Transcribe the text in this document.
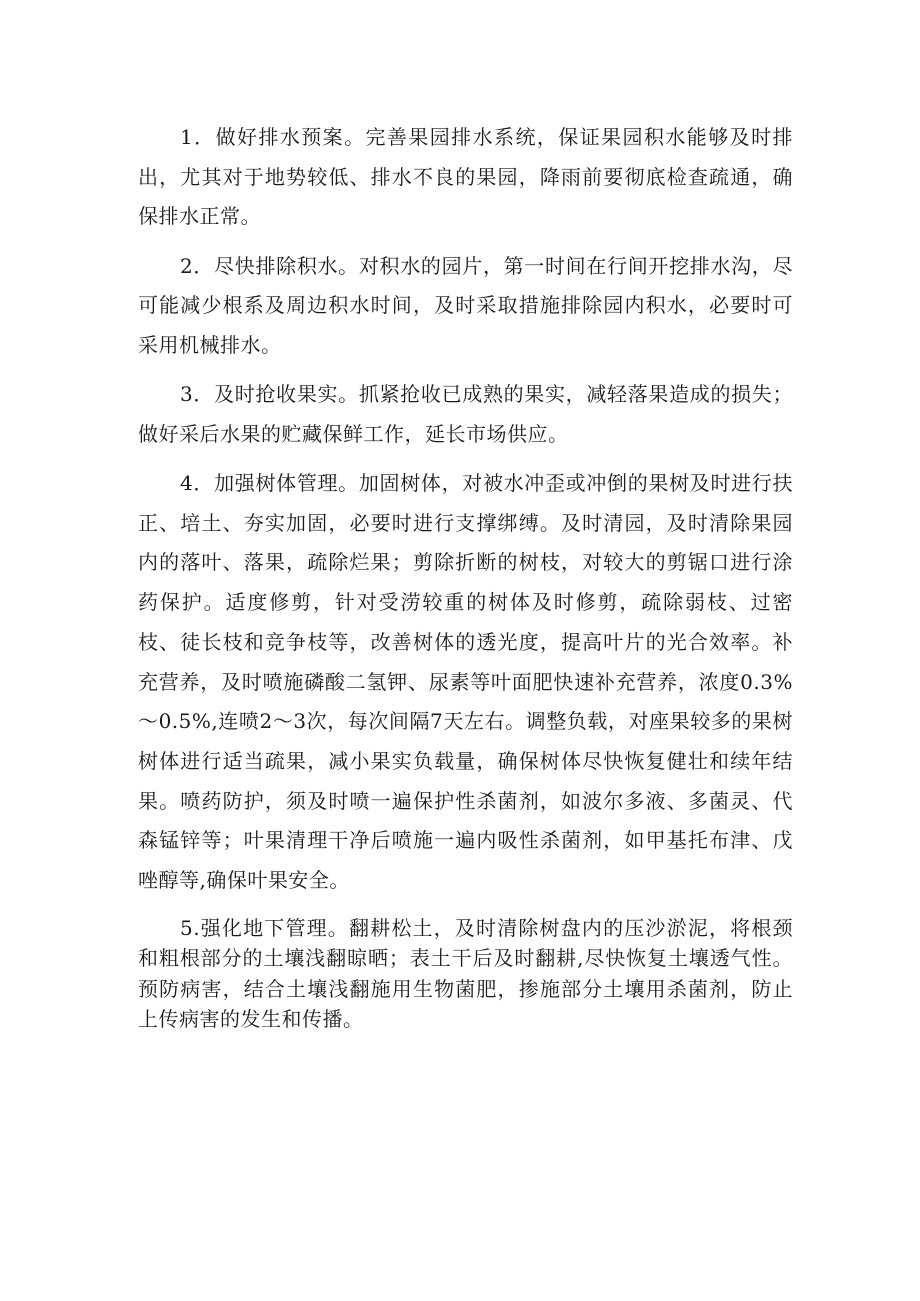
1．做好排水预案。完善果园排水系统，保证果园积水能够及时排出，尤其对于地势较低、排水不良的果园，降雨前要彻底检查疏通，确保排水正常。

2．尽快排除积水。对积水的园片，第一时间在行间开挖排水沟，尽可能减少根系及周边积水时间，及时采取措施排除园内积水，必要时可采用机械排水。

3．及时抢收果实。抓紧抢收已成熟的果实，减轻落果造成的损失；做好采后水果的贮藏保鲜工作，延长市场供应。

4．加强树体管理。加固树体，对被水冲歪或冲倒的果树及时进行扶正、培土、夯实加固，必要时进行支撑绑缚。及时清园，及时清除果园内的落叶、落果，疏除烂果；剪除折断的树枝，对较大的剪锯口进行涂药保护。适度修剪，针对受涝较重的树体及时修剪，疏除弱枝、过密枝、徒长枝和竞争枝等，改善树体的透光度，提高叶片的光合效率。补充营养，及时喷施磷酸二氢钾、尿素等叶面肥快速补充营养，浓度0.3%～0.5%,连喷2～3次，每次间隔7天左右。调整负载，对座果较多的果树树体进行适当疏果，减小果实负载量，确保树体尽快恢复健壮和续年结果。喷药防护，须及时喷一遍保护性杀菌剂，如波尔多液、多菌灵、代森锰锌等；叶果清理干净后喷施一遍内吸性杀菌剂，如甲基托布津、戊唑醇等,确保叶果安全。

5.强化地下管理。翻耕松土，及时清除树盘内的压沙淤泥，将根颈和粗根部分的土壤浅翻晾晒；表土干后及时翻耕,尽快恢复土壤透气性。预防病害，结合土壤浅翻施用生物菌肥，掺施部分土壤用杀菌剂，防止上传病害的发生和传播。
